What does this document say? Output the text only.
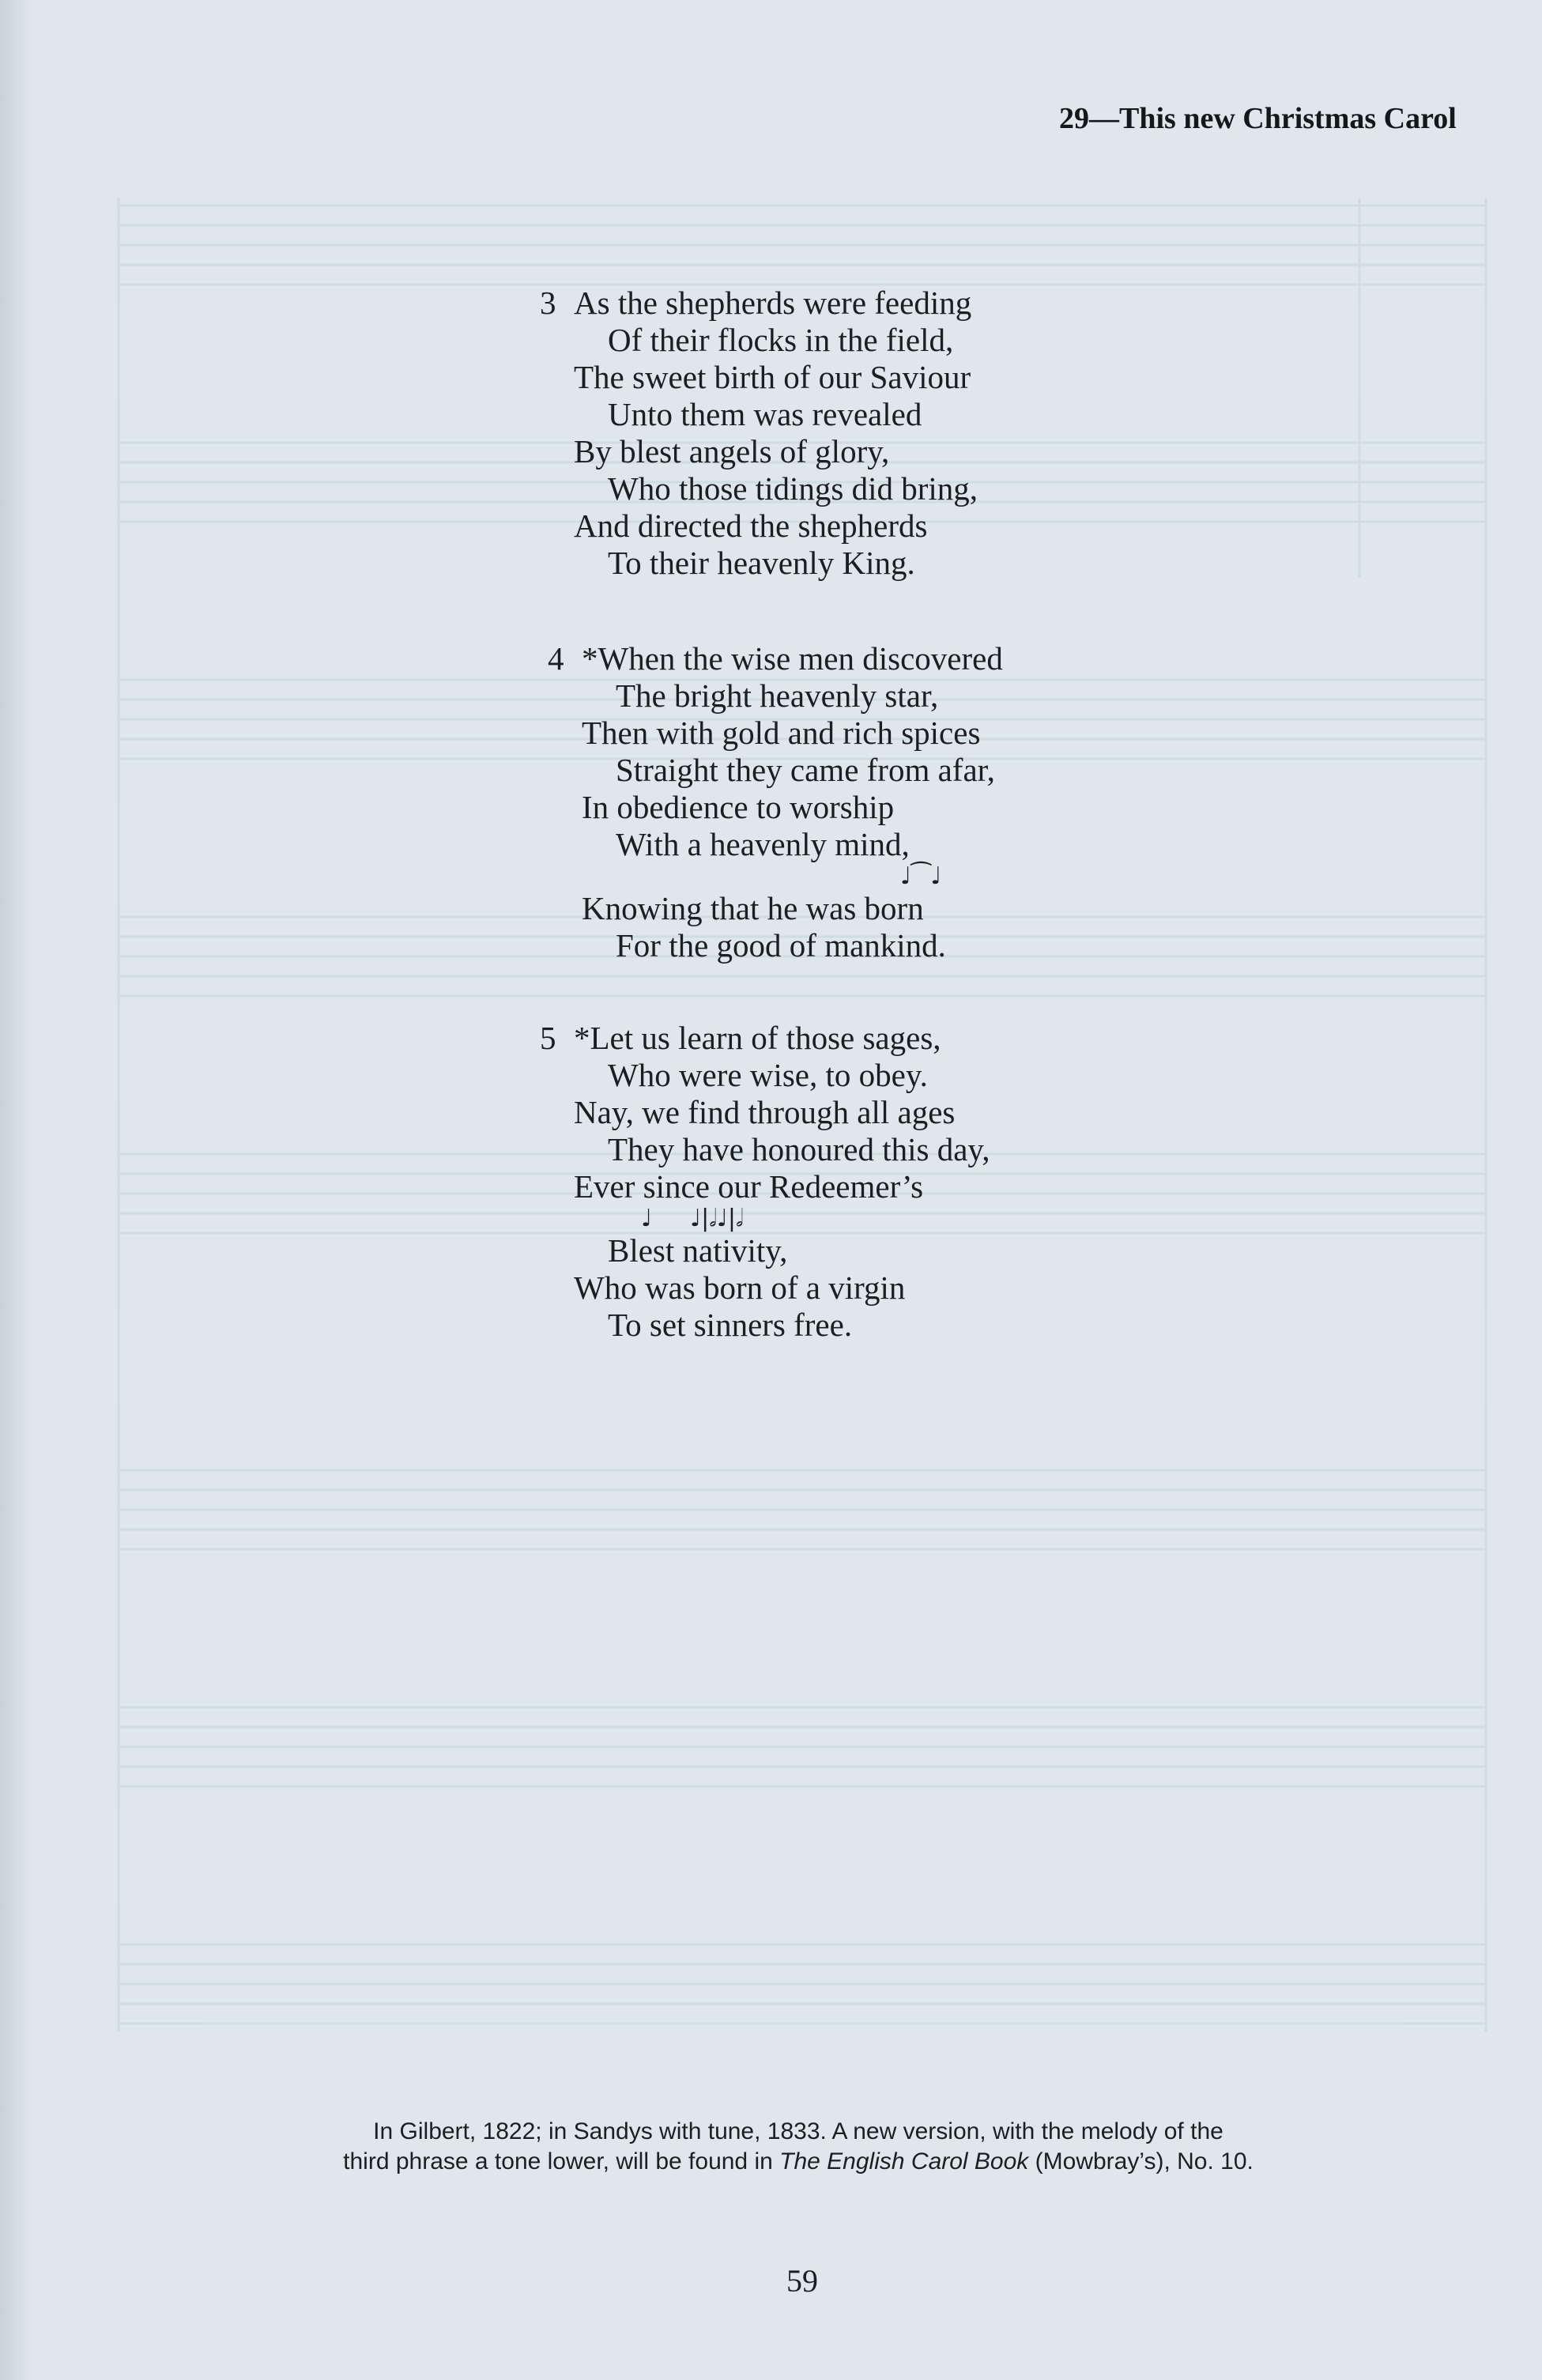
29—This new Christmas Carol
3 As the shepherds were feeding
Of their flocks in the field,
The sweet birth of our Saviour
Unto them was revealed
By blest angels of glory,
Who those tidings did bring,
And directed the shepherds
To their heavenly King.
4 *When the wise men discovered
The bright heavenly star,
Then with gold and rich spices
Straight they came from afar,
In obedience to worship
With a heavenly mind,
♩⁀♩
Knowing that he was born
For the good of mankind.
5 *Let us learn of those sages,
Who were wise, to obey.
Nay, we find through all ages
They have honoured this day,
Ever since our Redeemer’s
♩ ♩|𝅗𝅥♩|𝅗𝅥
Blest nativity,
Who was born of a virgin
To set sinners free.
In Gilbert, 1822; in Sandys with tune, 1833. A new version, with the melody of the
third phrase a tone lower, will be found in The English Carol Book (Mowbray’s), No. 10.
59
